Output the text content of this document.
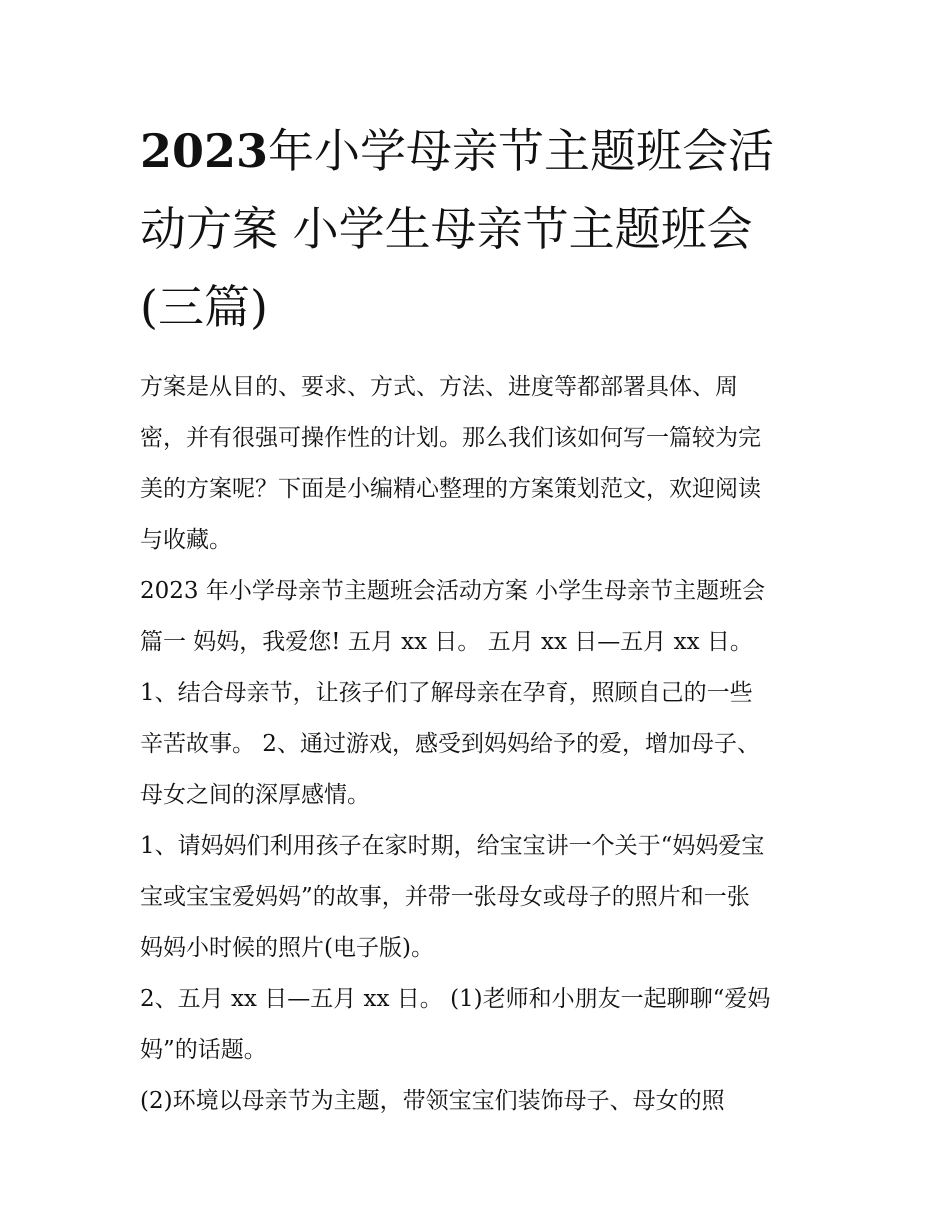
2023年小学母亲节主题班会活
动方案 小学生母亲节主题班会
(三篇)

方案是从目的、要求、方式、方法、进度等都部署具体、周
密，并有很强可操作性的计划。那么我们该如何写一篇较为完
美的方案呢？下面是小编精心整理的方案策划范文，欢迎阅读
与收藏。

2023 年小学母亲节主题班会活动方案 小学生母亲节主题班会
篇一 妈妈，我爱您! 五月 xx 日。 五月 xx 日—五月 xx 日。

1、结合母亲节，让孩子们了解母亲在孕育，照顾自己的一些
辛苦故事。 2、通过游戏，感受到妈妈给予的爱，增加母子、
母女之间的深厚感情。

1、请妈妈们利用孩子在家时期，给宝宝讲一个关于“妈妈爱宝
宝或宝宝爱妈妈”的故事，并带一张母女或母子的照片和一张
妈妈小时候的照片(电子版)。

2、五月 xx 日—五月 xx 日。 (1)老师和小朋友一起聊聊“爱妈
妈”的话题。

(2)环境以母亲节为主题，带领宝宝们装饰母子、母女的照
